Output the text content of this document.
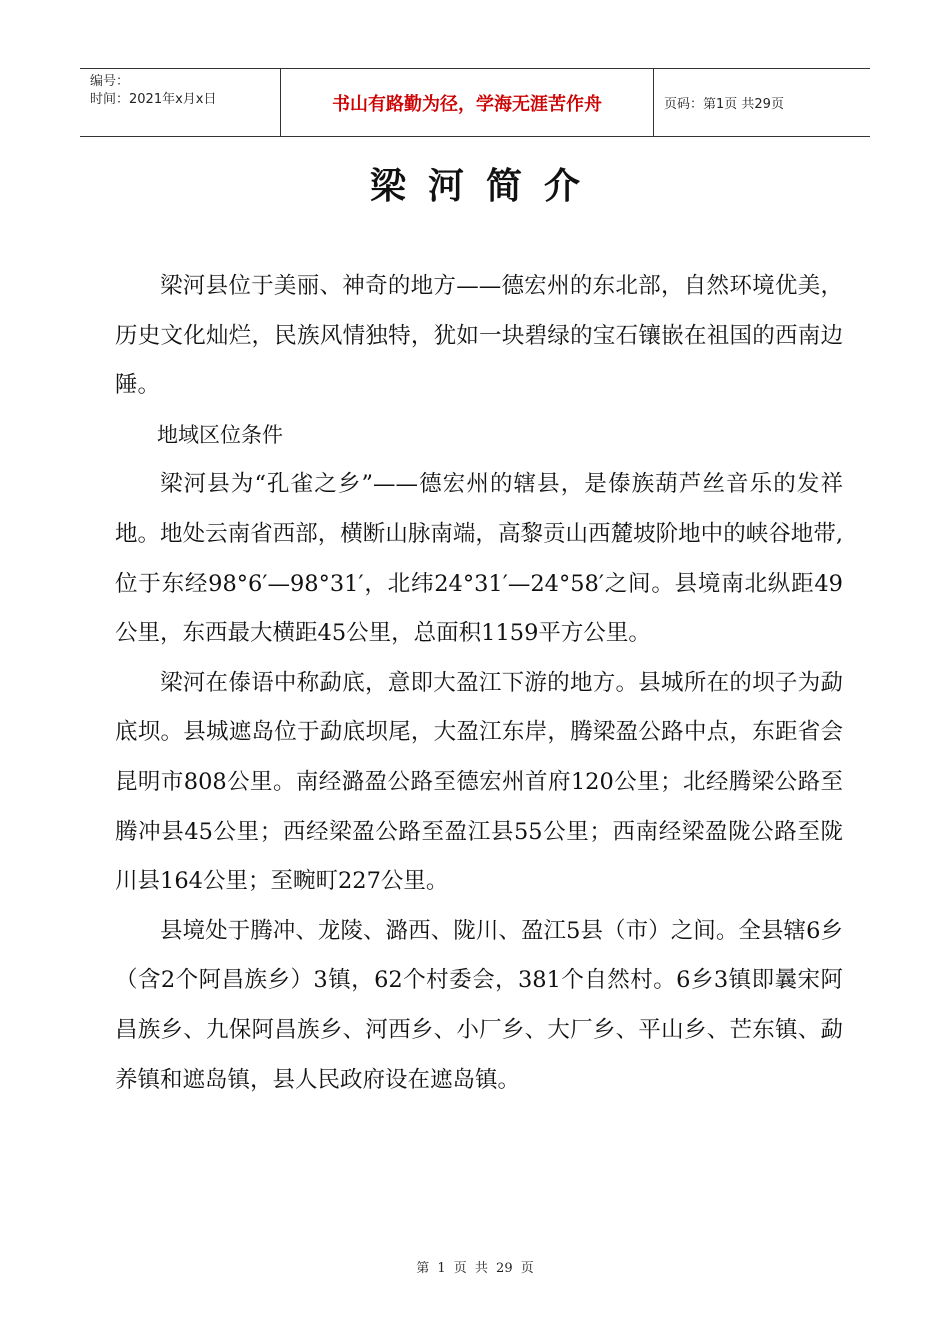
编号：
时间：2021年x月x日	书山有路勤为径，学海无涯苦作舟	页码：第1页 共29页
梁河简介

梁河县位于美丽、神奇的地方——德宏州的东北部，自然环境优美，历史文化灿烂，民族风情独特，犹如一块碧绿的宝石镶嵌在祖国的西南边陲。

地域区位条件

梁河县为“孔雀之乡”——德宏州的辖县，是傣族葫芦丝音乐的发祥地。地处云南省西部，横断山脉南端，高黎贡山西麓坡阶地中的峡谷地带,位于东经98°6′—98°31′，北纬24°31′—24°58′之间。县境南北纵距49公里，东西最大横距45公里，总面积1159平方公里。

梁河在傣语中称勐底，意即大盈江下游的地方。县城所在的坝子为勐底坝。县城遮岛位于勐底坝尾，大盈江东岸，腾梁盈公路中点，东距省会昆明市808公里。南经潞盈公路至德宏州首府120公里；北经腾梁公路至腾冲县45公里；西经梁盈公路至盈江县55公里；西南经梁盈陇公路至陇川县164公里；至畹町227公里。

县境处于腾冲、龙陵、潞西、陇川、盈江5县（市）之间。全县辖6乡（含2个阿昌族乡）3镇，62个村委会，381个自然村。6乡3镇即曩宋阿昌族乡、九保阿昌族乡、河西乡、小厂乡、大厂乡、平山乡、芒东镇、勐养镇和遮岛镇，县人民政府设在遮岛镇。

第 1 页 共 29 页
